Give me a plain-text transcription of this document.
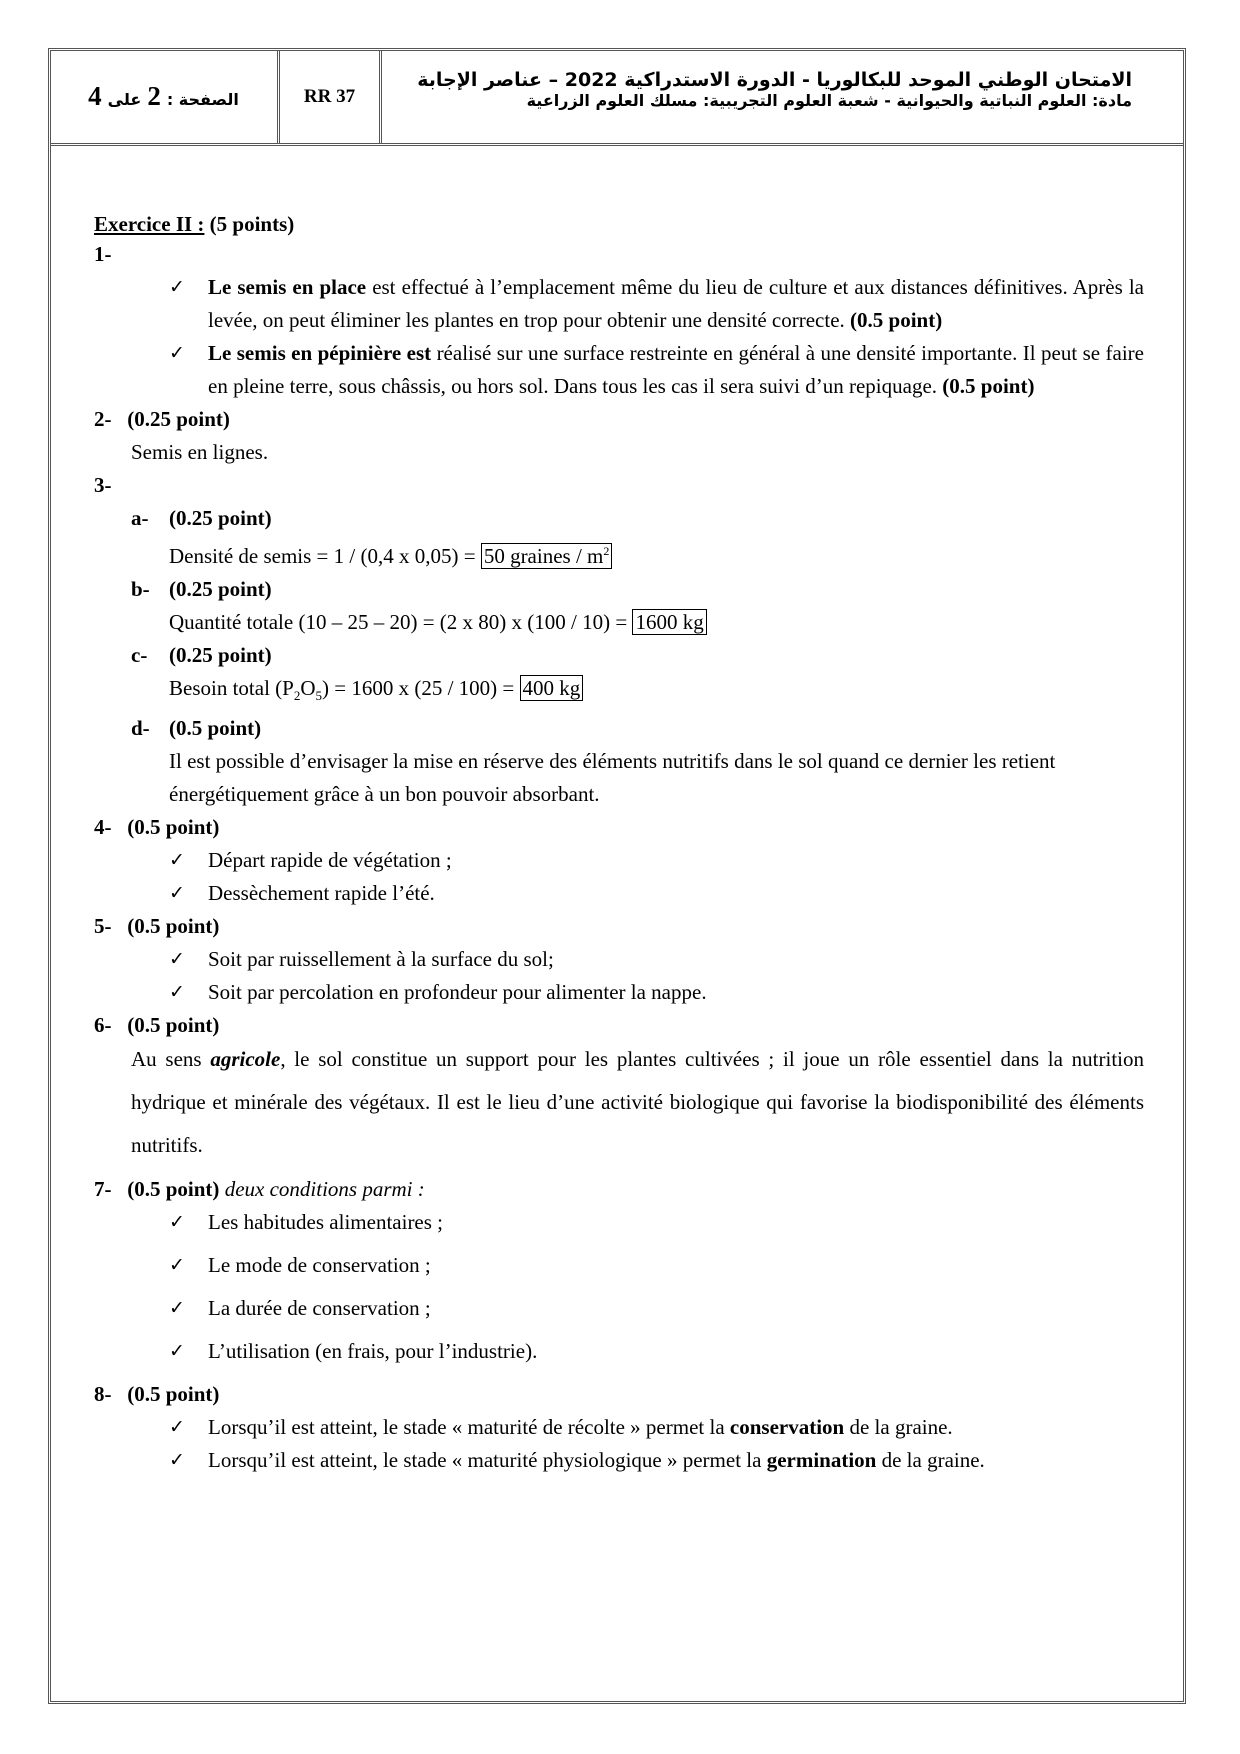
الصفحة :
2
على
4	RR 37
الامتحان الوطني الموحد للبكالوريا - الدورة الاستدراكية 2022 – عناصر الإجابة
مادة: العلوم النباتية والحيوانية - شعبة العلوم التجريبية: مسلك العلوم الزراعية

Exercice II : (5 points)

1-

✓ Le semis en place est effectué à l’emplacement même du lieu de culture et aux distances définitives. Après la levée, on peut éliminer les plantes en trop pour obtenir une densité correcte. (0.5 point)

✓ Le semis en pépinière est réalisé sur une surface restreinte en général à une densité importante. Il peut se faire en pleine terre, sous châssis, ou hors sol. Dans tous les cas il sera suivi d’un repiquage. (0.5 point)

2- (0.25 point)

Semis en lignes.

3-

a- (0.25 point)

Densité de semis = 1 / (0,4 x 0,05) = 50 graines / $m^2$

b- (0.25 point)

Quantité totale (10 – 25 – 20) = (2 x 80) x (100 / 10) = 1600 kg

c-	(0.25 point)

Besoin total $(P_2O_5) = 1600$ x (25 / 100) = 400 kg

d- (0.5 point)

Il est possible d’envisager la mise en réserve des éléments nutritifs dans le sol quand ce dernier les retient énergétiquement grâce à un bon pouvoir absorbant.

4- (0.5 point)

✓ Départ rapide de végétation ;

✓ Dessèchement rapide l’été.

5- (0.5 point)

✓ Soit par ruissellement à la surface du sol;

✓ Soit par percolation en profondeur pour alimenter la nappe.

6- (0.5 point)

Au sens agricole, le sol constitue un support pour les plantes cultivées ; il joue un rôle essentiel dans la nutrition hydrique et minérale des végétaux. Il est le lieu d’une activité biologique qui favorise la biodisponibilité des éléments nutritifs.

7- (0.5 point) deux conditions parmi :

✓ Les habitudes alimentaires ;

✓ Le mode de conservation ;

✓ La durée de conservation ;

✓ L’utilisation (en frais, pour l’industrie).

8- (0.5 point)

✓ Lorsqu’il est atteint, le stade « maturité de récolte » permet la conservation de la graine.

✓ Lorsqu’il est atteint, le stade « maturité physiologique » permet la germination de la graine.
